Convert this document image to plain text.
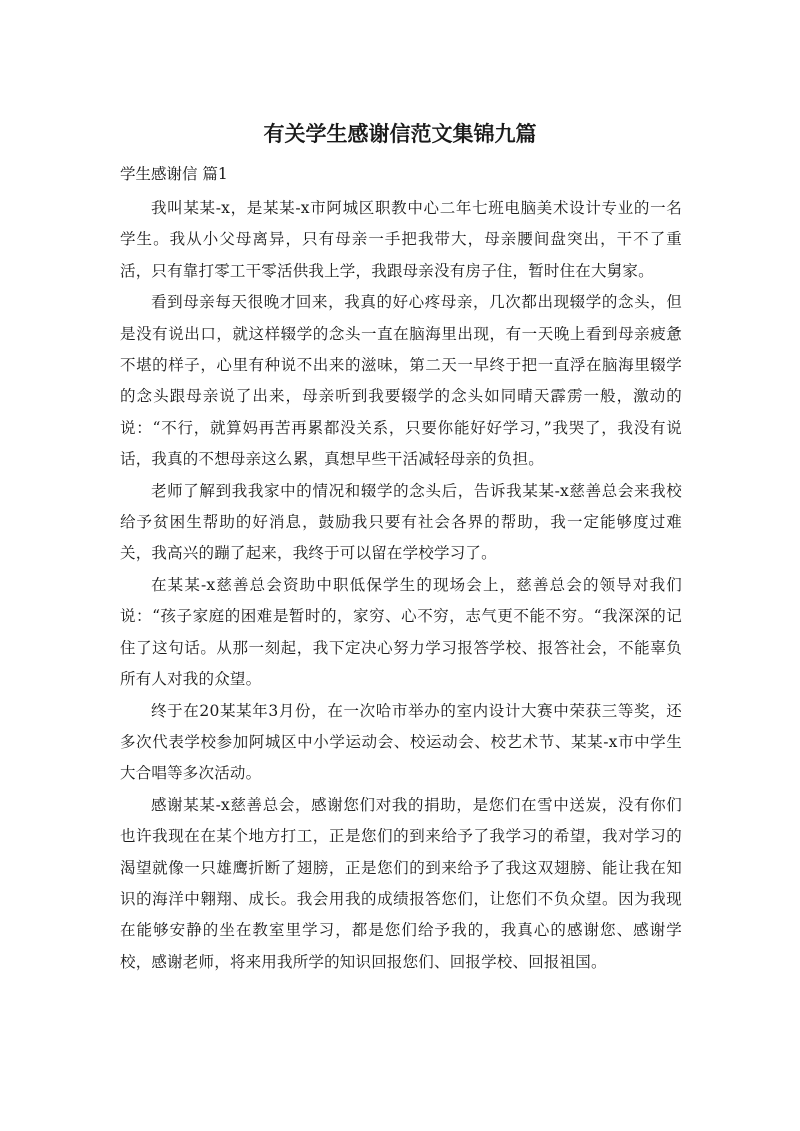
有关学生感谢信范文集锦九篇
学生感谢信 篇1

我叫某某-x，是某某-x市阿城区职教中心二年七班电脑美术设计专业的一名学生。我从小父母离异，只有母亲一手把我带大，母亲腰间盘突出，干不了重活，只有靠打零工干零活供我上学，我跟母亲没有房子住，暂时住在大舅家。

看到母亲每天很晚才回来，我真的好心疼母亲，几次都出现辍学的念头，但是没有说出口，就这样辍学的念头一直在脑海里出现，有一天晚上看到母亲疲惫不堪的样子，心里有种说不出来的滋味，第二天一早终于把一直浮在脑海里辍学的念头跟母亲说了出来，母亲听到我要辍学的念头如同晴天霹雳一般，激动的说：“不行，就算妈再苦再累都没关系，只要你能好好学习，”我哭了，我没有说话，我真的不想母亲这么累，真想早些干活减轻母亲的负担。

老师了解到我我家中的情况和辍学的念头后，告诉我某某-x慈善总会来我校给予贫困生帮助的好消息，鼓励我只要有社会各界的帮助，我一定能够度过难关，我高兴的蹦了起来，我终于可以留在学校学习了。

在某某-x慈善总会资助中职低保学生的现场会上，慈善总会的领导对我们说：“孩子家庭的困难是暂时的，家穷、心不穷，志气更不能不穷。“我深深的记住了这句话。从那一刻起，我下定决心努力学习报答学校、报答社会，不能辜负所有人对我的众望。

终于在20某某年3月份，在一次哈市举办的室内设计大赛中荣获三等奖，还多次代表学校参加阿城区中小学运动会、校运动会、校艺术节、某某-x市中学生大合唱等多次活动。

感谢某某-x慈善总会，感谢您们对我的捐助，是您们在雪中送炭，没有你们也许我现在在某个地方打工，正是您们的到来给予了我学习的希望，我对学习的渴望就像一只雄鹰折断了翅膀，正是您们的到来给予了我这双翅膀、能让我在知识的海洋中翱翔、成长。我会用我的成绩报答您们，让您们不负众望。因为我现在能够安静的坐在教室里学习，都是您们给予我的，我真心的感谢您、感谢学校，感谢老师，将来用我所学的知识回报您们、回报学校、回报祖国。
